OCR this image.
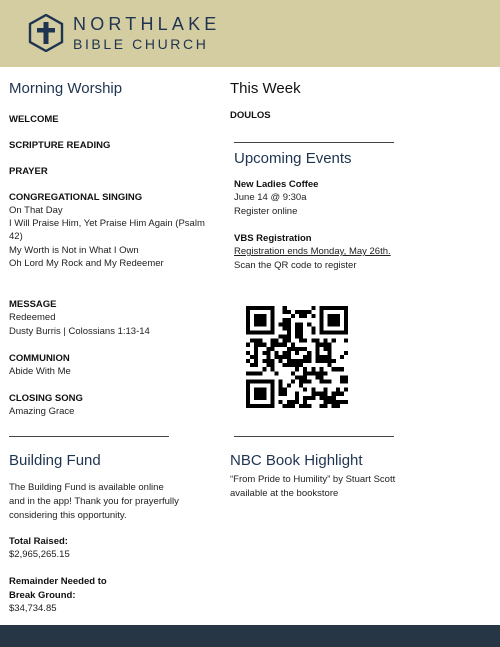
NORTHLAKE
BIBLE CHURCH
Morning Worship
WELCOME
SCRIPTURE READING
PRAYER
CONGREGATIONAL SINGING
On That Day
I Will Praise Him, Yet Praise Him Again (Psalm
42)
My Worth is Not in What I Own
Oh Lord My Rock and My Redeemer
MESSAGE
Redeemed
Dusty Burris | Colossians 1:13-14
COMMUNION
Abide With Me
CLOSING SONG
Amazing Grace
Building Fund
The Building Fund is available online
and in the app! Thank you for prayerfully
considering this opportunity.
Total Raised:
$2,965,265.15
Remainder Needed to
Break Ground:
$34,734.85
This Week
DOULOS
Upcoming Events
New Ladies Coffee
June 14 @ 9:30a
Register online
VBS Registration
Registration ends Monday, May 26th.
Scan the QR code to register
NBC Book Highlight
“From Pride to Humility” by Stuart Scott
available at the bookstore
